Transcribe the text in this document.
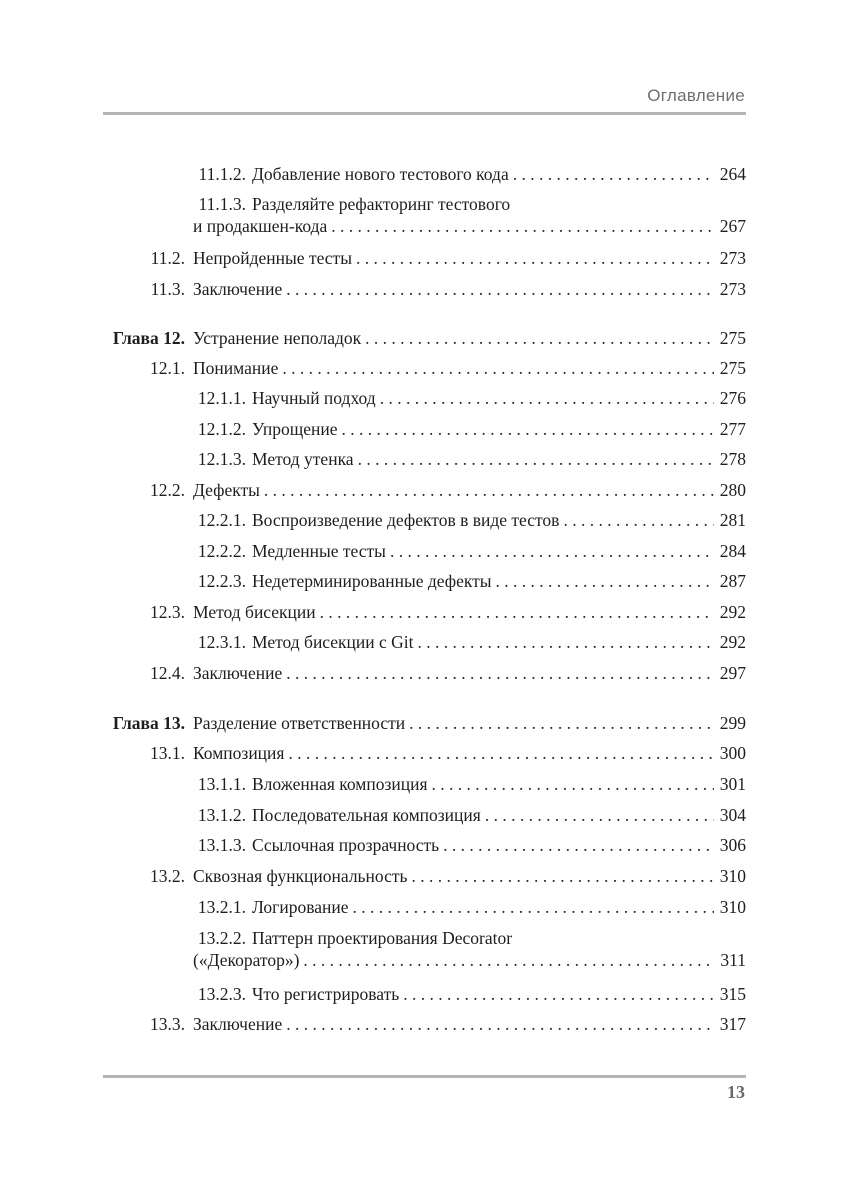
Оглавление
11.1.2. Добавление нового тестового кода . . .	264
11.1.3. Разделяйте рефакторинг тестового
и продакшен-кода . . .	267
11.2. Непройденные тесты . . .	273
11.3. Заключение . . .	273
Глава 12. Устранение неполадок . . .	275
12.1. Понимание . . .	275
12.1.1. Научный подход . . .	276
12.1.2. Упрощение . . .	277
12.1.3. Метод утенка . . .	278
12.2. Дефекты . . .	280
12.2.1. Воспроизведение дефектов в виде тестов . . .	281
12.2.2. Медленные тесты . . .	284
12.2.3. Недетерминированные дефекты . . .	287
12.3. Метод бисекции . . .	292
12.3.1. Метод бисекции с Git . . .	292
12.4. Заключение . . .	297
Глава 13. Разделение ответственности . . .	299
13.1. Композиция . . .	300
13.1.1. Вложенная композиция . . .	301
13.1.2. Последовательная композиция . . .	304
13.1.3. Ссылочная прозрачность . . .	306
13.2. Сквозная функциональность . . .	310
13.2.1. Логирование . . .	310
13.2.2. Паттерн проектирования Decorator
(«Декоратор») . . .	311
13.2.3. Что регистрировать . . .	315
13.3. Заключение . . .	317
13
